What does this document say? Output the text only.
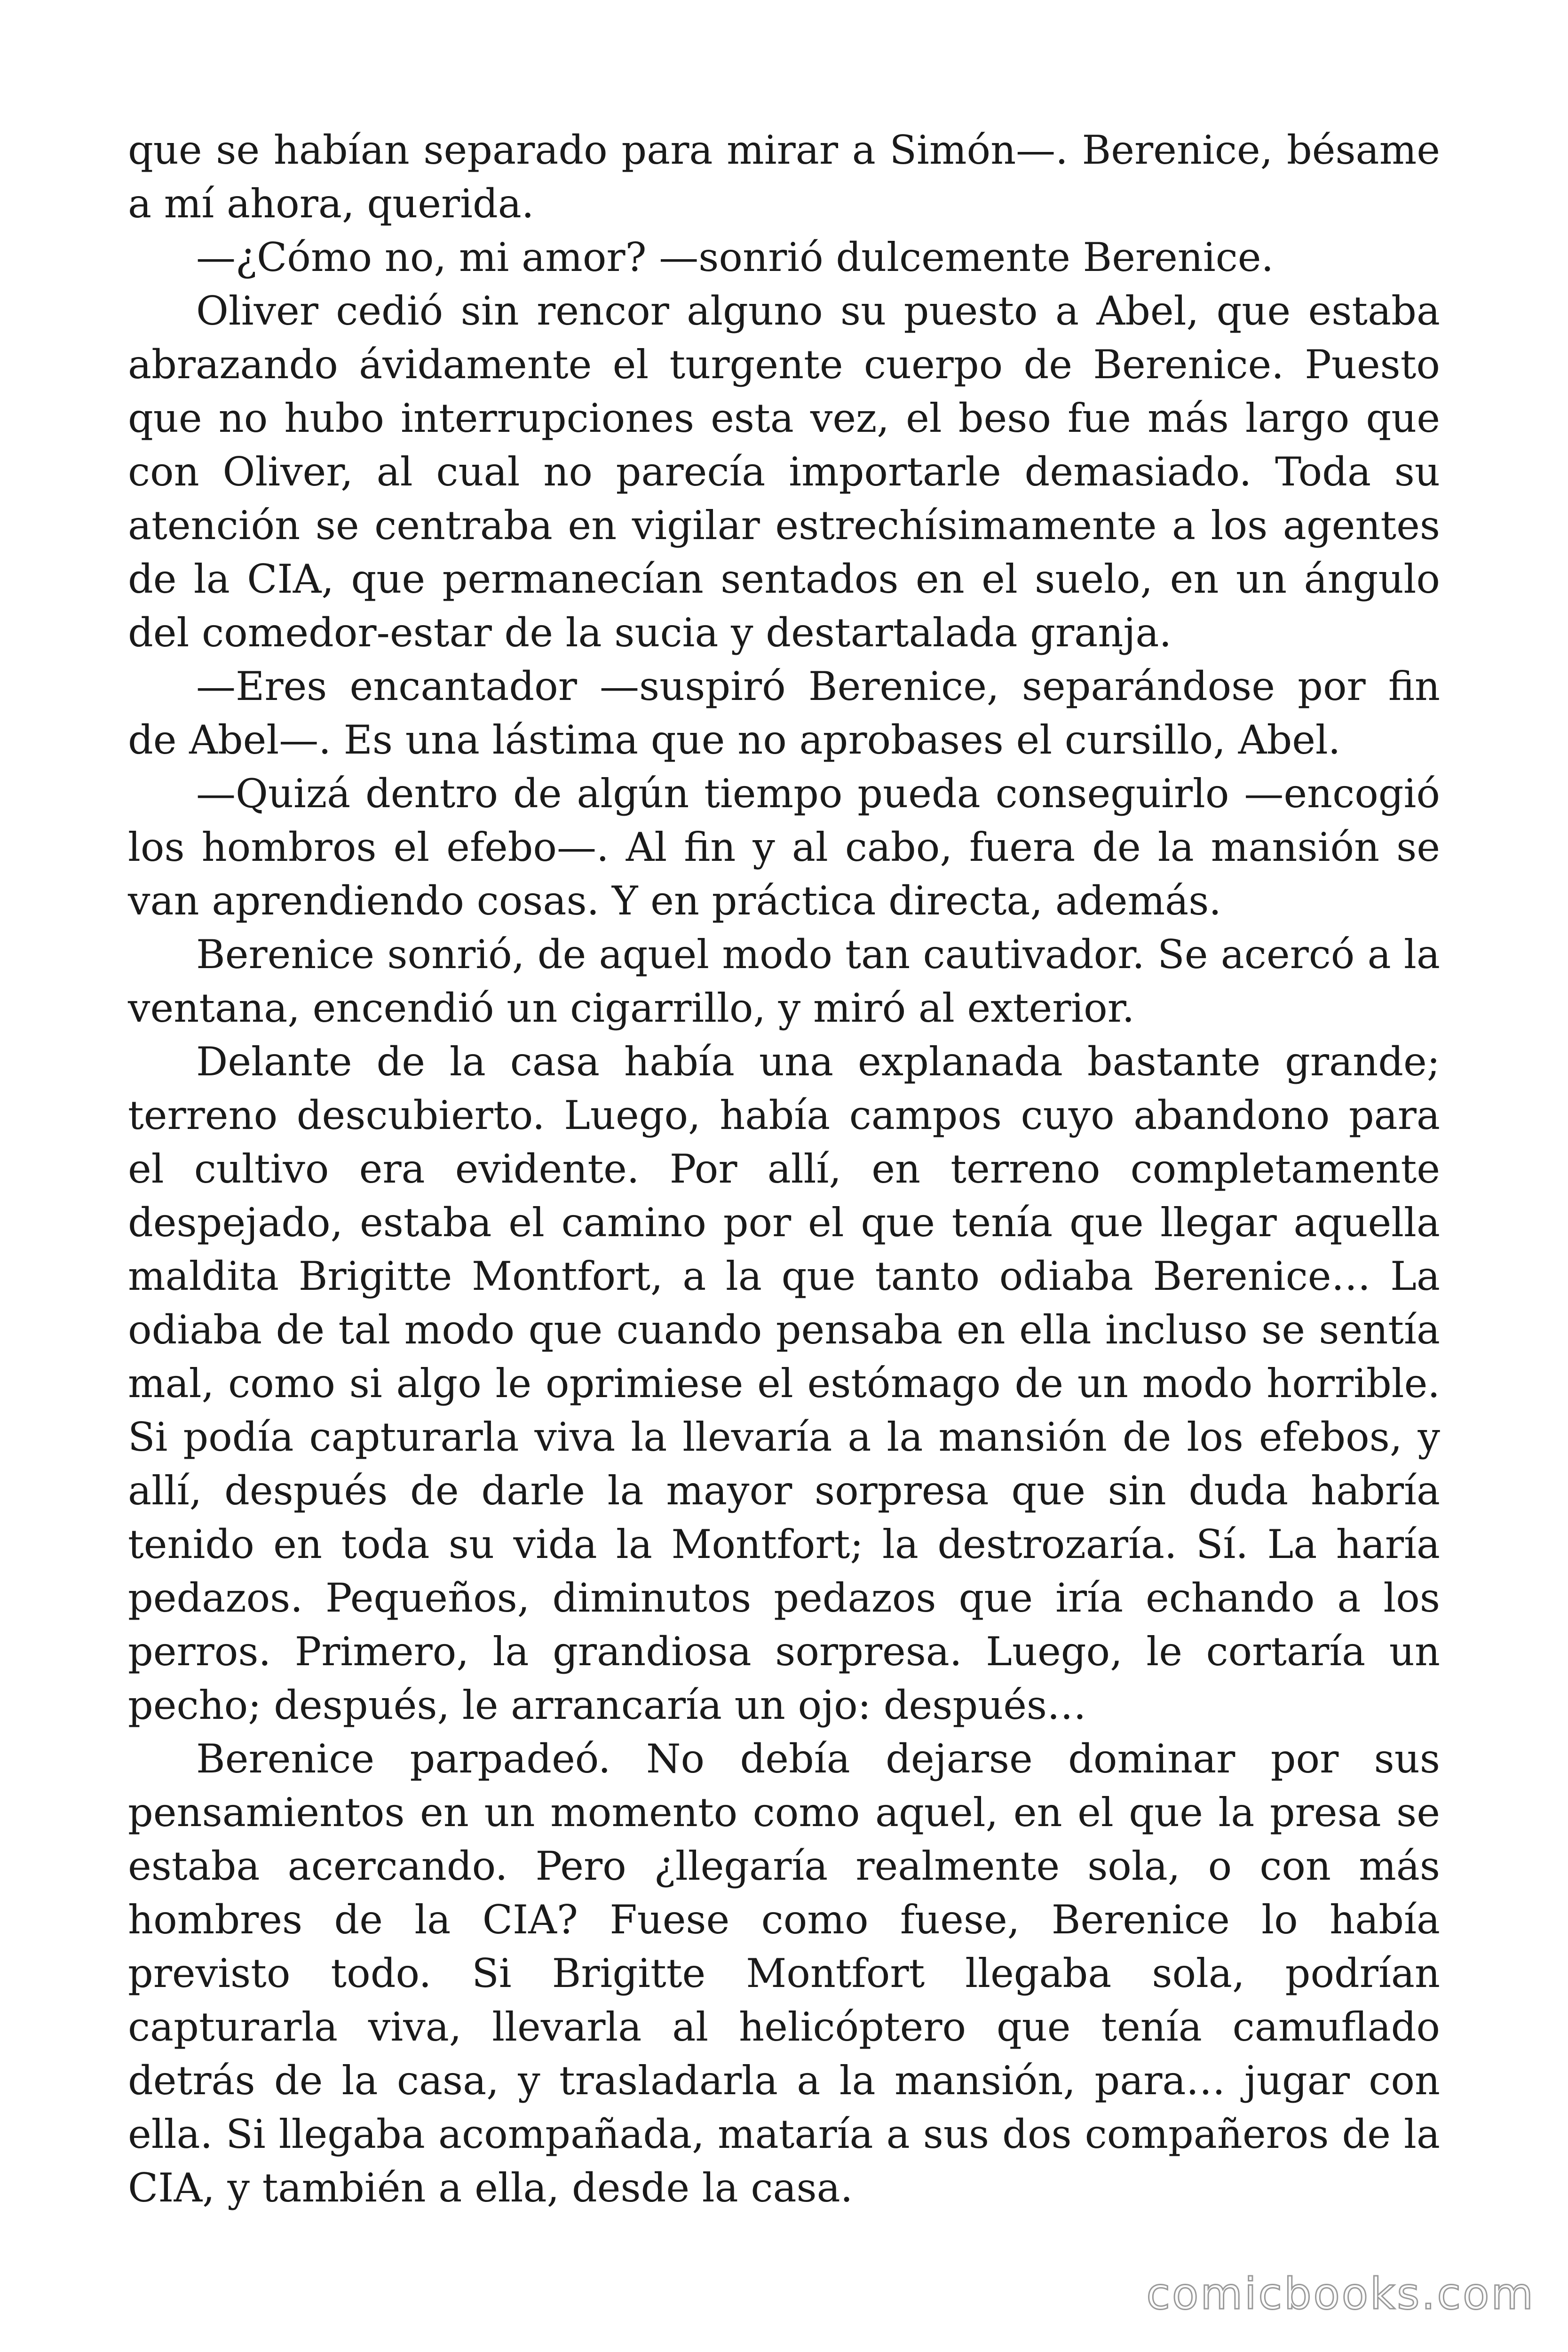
que se habían separado para mirar a Simón—. Berenice, bésame a mí ahora, querida.

—¿Cómo no, mi amor? —sonrió dulcemente Berenice.

Oliver cedió sin rencor alguno su puesto a Abel, que estaba abrazando ávidamente el turgente cuerpo de Berenice. Puesto que no hubo interrupciones esta vez, el beso fue más largo que con Oliver, al cual no parecía importarle demasiado. Toda su atención se centraba en vigilar estrechísimamente a los agentes de la CIA, que permanecían sentados en el suelo, en un ángulo del comedor-estar de la sucia y destartalada granja.

—Eres encantador —suspiró Berenice, separándose por fin de Abel—. Es una lástima que no aprobases el cursillo, Abel.

—Quizá dentro de algún tiempo pueda conseguirlo —encogió los hombros el efebo—. Al fin y al cabo, fuera de la mansión se van aprendiendo cosas. Y en práctica directa, además.

Berenice sonrió, de aquel modo tan cautivador. Se acercó a la ventana, encendió un cigarrillo, y miró al exterior.

Delante de la casa había una explanada bastante grande; terreno descubierto. Luego, había campos cuyo abandono para el cultivo era evidente. Por allí, en terreno completamente despejado, estaba el camino por el que tenía que llegar aquella maldita Brigitte Montfort, a la que tanto odiaba Berenice… La odiaba de tal modo que cuando pensaba en ella incluso se sentía mal, como si algo le oprimiese el estómago de un modo horrible. Si podía capturarla viva la llevaría a la mansión de los efebos, y allí, después de darle la mayor sorpresa que sin duda habría tenido en toda su vida la Montfort; la destrozaría. Sí. La haría pedazos. Pequeños, diminutos pedazos que iría echando a los perros. Primero, la grandiosa sorpresa. Luego, le cortaría un pecho; después, le arrancaría un ojo: después…

Berenice parpadeó. No debía dejarse dominar por sus pensamientos en un momento como aquel, en el que la presa se estaba acercando. Pero ¿llegaría realmente sola, o con más hombres de la CIA? Fuese como fuese, Berenice lo había previsto todo. Si Brigitte Montfort llegaba sola, podrían capturarla viva, llevarla al helicóptero que tenía camuflado detrás de la casa, y trasladarla a la mansión, para… jugar con ella. Si llegaba acompañada, mataría a sus dos compañeros de la CIA, y también a ella, desde la casa.

comicbooks.com
